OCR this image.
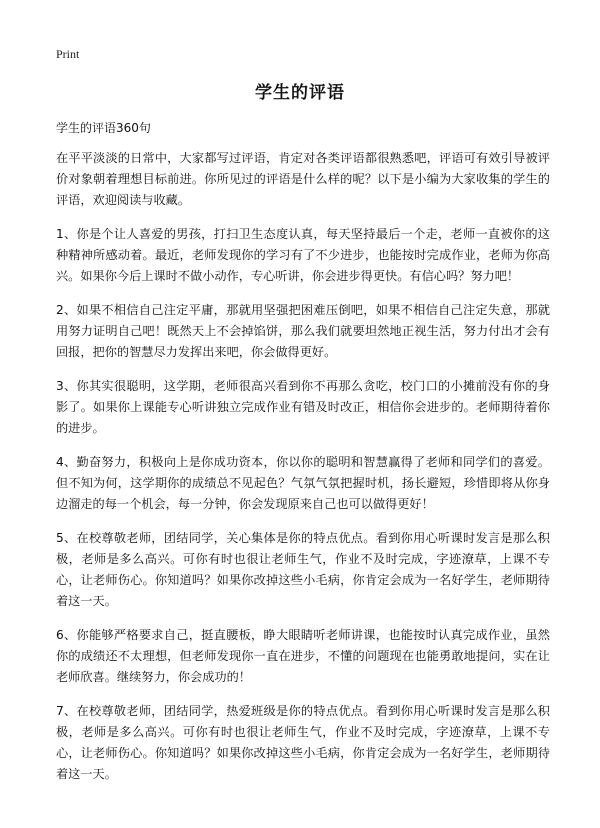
Print
学生的评语
学生的评语360句

在平平淡淡的日常中，大家都写过评语，肯定对各类评语都很熟悉吧，评语可有效引导被评价对象朝着理想目标前进。你所见过的评语是什么样的呢？以下是小编为大家收集的学生的评语，欢迎阅读与收藏。

1、你是个让人喜爱的男孩，打扫卫生态度认真，每天坚持最后一个走，老师一直被你的这种精神所感动着。最近，老师发现你的学习有了不少进步，也能按时完成作业，老师为你高兴。如果你今后上课时不做小动作，专心听讲，你会进步得更快。有信心吗？努力吧！

2、如果不相信自己注定平庸，那就用坚强把困难压倒吧，如果不相信自己注定失意，那就用努力证明自己吧！既然天上不会掉馅饼，那么我们就要坦然地正视生活，努力付出才会有回报，把你的智慧尽力发挥出来吧，你会做得更好。

3、你其实很聪明，这学期，老师很高兴看到你不再那么贪吃，校门口的小摊前没有你的身影了。如果你上课能专心听讲独立完成作业有错及时改正，相信你会进步的。老师期待着你的进步。

4、勤奋努力，积极向上是你成功资本，你以你的聪明和智慧赢得了老师和同学们的喜爱。但不知为何，这学期你的成绩总不见起色？气氛气氛把握时机，扬长避短，珍惜即将从你身边溜走的每一个机会，每一分钟，你会发现原来自己也可以做得更好！

5、在校尊敬老师，团结同学，关心集体是你的特点优点。看到你用心听课时发言是那么积极，老师是多么高兴。可你有时也很让老师生气，作业不及时完成，字迹潦草，上课不专心，让老师伤心。你知道吗？如果你改掉这些小毛病，你肯定会成为一名好学生，老师期待着这一天。

6、你能够严格要求自己，挺直腰板，睁大眼睛听老师讲课，也能按时认真完成作业，虽然你的成绩还不太理想，但老师发现你一直在进步，不懂的问题现在也能勇敢地提问，实在让老师欣喜。继续努力，你会成功的！

7、在校尊敬老师，团结同学，热爱班级是你的特点优点。看到你用心听课时发言是那么积极，老师是多么高兴。可你有时也很让老师生气，作业不及时完成，字迹潦草，上课不专心，让老师伤心。你知道吗？如果你改掉这些小毛病，你肯定会成为一名好学生，老师期待着这一天。
